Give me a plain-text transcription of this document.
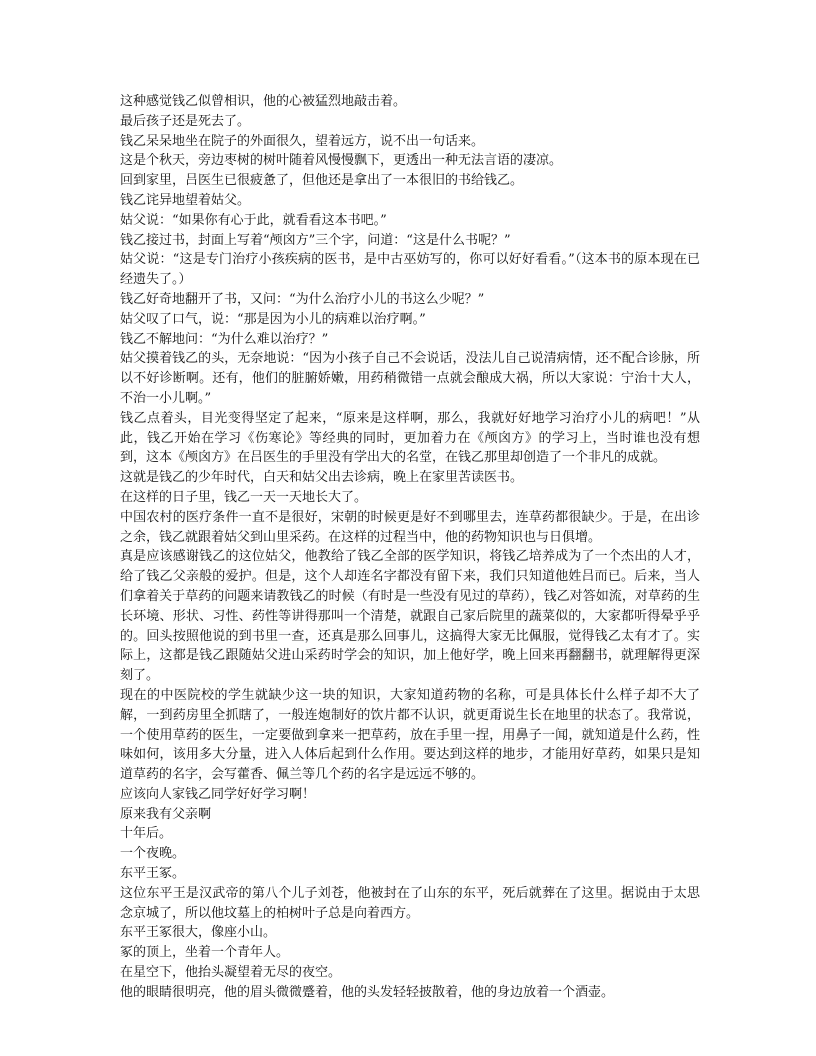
这种感觉钱乙似曾相识，他的心被猛烈地敲击着。

最后孩子还是死去了。

钱乙呆呆地坐在院子的外面很久，望着远方，说不出一句话来。

这是个秋天，旁边枣树的树叶随着风慢慢飘下，更透出一种无法言语的凄凉。

回到家里，吕医生已很疲惫了，但他还是拿出了一本很旧的书给钱乙。

钱乙诧异地望着姑父。

姑父说：“如果你有心于此，就看看这本书吧。”

钱乙接过书，封面上写着“颅囟方”三个字，问道：“这是什么书呢？”

姑父说：“这是专门治疗小孩疾病的医书，是中古巫妨写的，你可以好好看看。”（这本书的原本现在已经遗失了。）

钱乙好奇地翻开了书，又问：“为什么治疗小儿的书这么少呢？”

姑父叹了口气，说：“那是因为小儿的病难以治疗啊。”

钱乙不解地问：“为什么难以治疗？”

姑父摸着钱乙的头，无奈地说：“因为小孩子自己不会说话，没法儿自己说清病情，还不配合诊脉，所以不好诊断啊。还有，他们的脏腑娇嫩，用药稍微错一点就会酿成大祸，所以大家说：宁治十大人，不治一小儿啊。”

钱乙点着头，目光变得坚定了起来，“原来是这样啊，那么，我就好好地学习治疗小儿的病吧！”从此，钱乙开始在学习《伤寒论》等经典的同时，更加着力在《颅囟方》的学习上，当时谁也没有想到，这本《颅囟方》在吕医生的手里没有学出大的名堂，在钱乙那里却创造了一个非凡的成就。

这就是钱乙的少年时代，白天和姑父出去诊病，晚上在家里苦读医书。

在这样的日子里，钱乙一天一天地长大了。

中国农村的医疗条件一直不是很好，宋朝的时候更是好不到哪里去，连草药都很缺少。于是，在出诊之余，钱乙就跟着姑父到山里采药。在这样的过程当中，他的药物知识也与日俱增。

真是应该感谢钱乙的这位姑父，他教给了钱乙全部的医学知识，将钱乙培养成为了一个杰出的人才，给了钱乙父亲般的爱护。但是，这个人却连名字都没有留下来，我们只知道他姓吕而已。后来，当人们拿着关于草药的问题来请教钱乙的时候（有时是一些没有见过的草药），钱乙对答如流，对草药的生长环境、形状、习性、药性等讲得那叫一个清楚，就跟自己家后院里的蔬菜似的，大家都听得晕乎乎的。回头按照他说的到书里一查，还真是那么回事儿，这搞得大家无比佩服，觉得钱乙太有才了。实际上，这都是钱乙跟随姑父进山采药时学会的知识，加上他好学，晚上回来再翻翻书，就理解得更深刻了。

现在的中医院校的学生就缺少这一块的知识，大家知道药物的名称，可是具体长什么样子却不大了解，一到药房里全抓瞎了，一般连炮制好的饮片都不认识，就更甭说生长在地里的状态了。我常说，一个使用草药的医生，一定要做到拿来一把草药，放在手里一捏，用鼻子一闻，就知道是什么药，性味如何，该用多大分量，进入人体后起到什么作用。要达到这样的地步，才能用好草药，如果只是知道草药的名字，会写藿香、佩兰等几个药的名字是远远不够的。

应该向人家钱乙同学好好学习啊！

原来我有父亲啊

十年后。

一个夜晚。

东平王冢。

这位东平王是汉武帝的第八个儿子刘苍，他被封在了山东的东平，死后就葬在了这里。据说由于太思念京城了，所以他坟墓上的柏树叶子总是向着西方。

东平王冢很大，像座小山。

冢的顶上，坐着一个青年人。

在星空下，他抬头凝望着无尽的夜空。

他的眼睛很明亮，他的眉头微微蹙着，他的头发轻轻披散着，他的身边放着一个酒壶。
